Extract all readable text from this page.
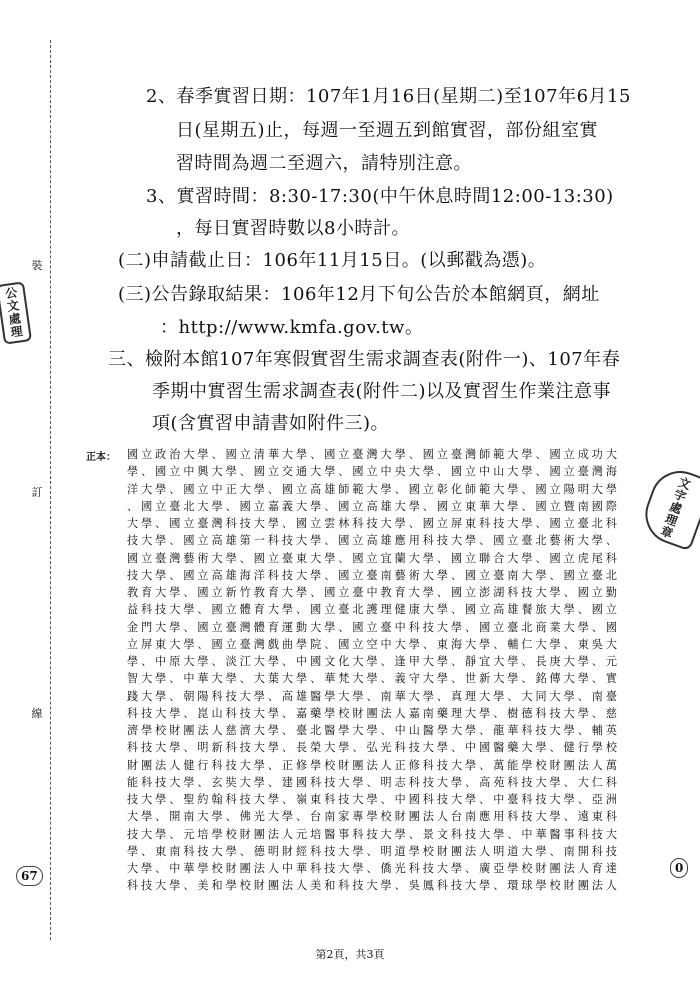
裝
訂
線
公文
處
理
文
字
處
理
章
67
0
2、春季實習日期：107年1月16日(星期二)至107年6月15
日(星期五)止，每週一至週五到館實習，部份組室實
習時間為週二至週六，請特別注意。
3、實習時間：8:30-17:30(中午休息時間12:00-13:30)
，每日實習時數以8小時計。
(二)申請截止日：106年11月15日。(以郵戳為憑)。
(三)公告錄取結果：106年12月下旬公告於本館網頁，網址
：http://www.kmfa.gov.tw。
三、檢附本館107年寒假實習生需求調查表(附件一)、107年春
季期中實習生需求調查表(附件二)以及實習生作業注意事
項(含實習申請書如附件三)。
正本： 國立政治大學、國立清華大學、國立臺灣大學、國立臺灣師範大學、國立成功大
學、國立中興大學、國立交通大學、國立中央大學、國立中山大學、國立臺灣海
洋大學、國立中正大學、國立高雄師範大學、國立彰化師範大學、國立陽明大學
、國立臺北大學、國立嘉義大學、國立高雄大學、國立東華大學、國立暨南國際
大學、國立臺灣科技大學、國立雲林科技大學、國立屏東科技大學、國立臺北科
技大學、國立高雄第一科技大學、國立高雄應用科技大學、國立臺北藝術大學、
國立臺灣藝術大學、國立臺東大學、國立宜蘭大學、國立聯合大學、國立虎尾科
技大學、國立高雄海洋科技大學、國立臺南藝術大學、國立臺南大學、國立臺北
教育大學、國立新竹教育大學、國立臺中教育大學、國立澎湖科技大學、國立勤
益科技大學、國立體育大學、國立臺北護理健康大學、國立高雄餐旅大學、國立
金門大學、國立臺灣體育運動大學、國立臺中科技大學、國立臺北商業大學、國
立屏東大學、國立臺灣戲曲學院、國立空中大學、東海大學、輔仁大學、東吳大
學、中原大學、淡江大學、中國文化大學、逢甲大學、靜宜大學、長庚大學、元
智大學、中華大學、大葉大學、華梵大學、義守大學、世新大學、銘傳大學、實
踐大學、朝陽科技大學、高雄醫學大學、南華大學、真理大學、大同大學、南臺
科技大學、崑山科技大學、嘉藥學校財團法人嘉南藥理大學、樹德科技大學、慈
濟學校財團法人慈濟大學、臺北醫學大學、中山醫學大學、龍華科技大學、輔英
科技大學、明新科技大學、長榮大學、弘光科技大學、中國醫藥大學、健行學校
財團法人健行科技大學、正修學校財團法人正修科技大學、萬能學校財團法人萬
能科技大學、玄奘大學、建國科技大學、明志科技大學、高苑科技大學、大仁科
技大學、聖約翰科技大學、嶺東科技大學、中國科技大學、中臺科技大學、亞洲
大學、開南大學、佛光大學、台南家專學校財團法人台南應用科技大學、遠東科
技大學、元培學校財團法人元培醫事科技大學、景文科技大學、中華醫事科技大
學、東南科技大學、德明財經科技大學、明道學校財團法人明道大學、南開科技
大學、中華學校財團法人中華科技大學、僑光科技大學、廣亞學校財團法人育達
科技大學、美和學校財團法人美和科技大學、吳鳳科技大學、環球學校財團法人
第2頁，共3頁
